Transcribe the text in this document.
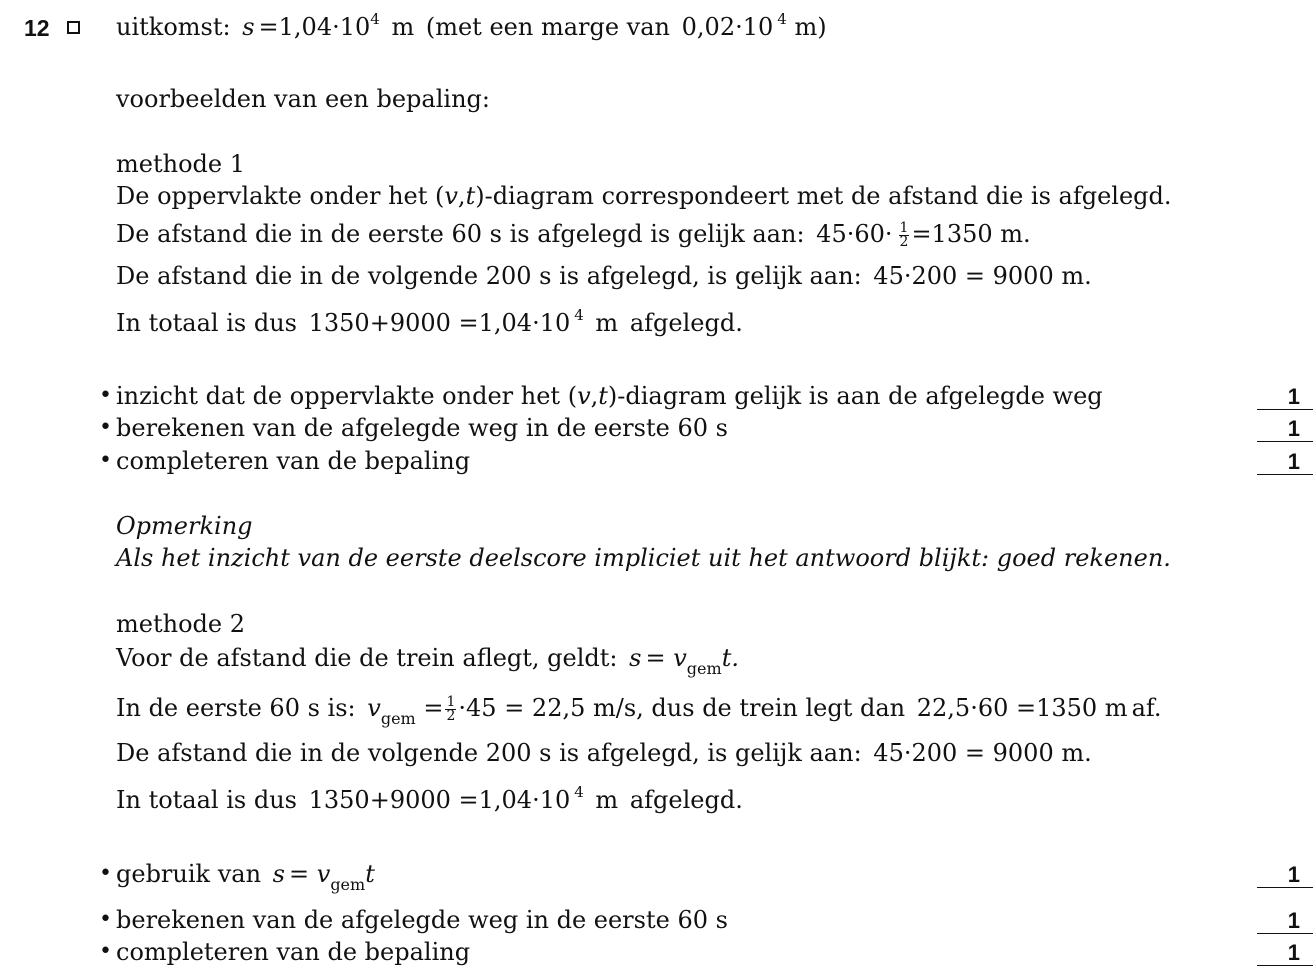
12	uitkomst: $s =1,04\cdot 10^4$ m (met een marge van 0,02·10 $^4$ m)
voorbeelden van een bepaling:
methode 1
De oppervlakte onder het (v,t)-diagram correspondeert met de afstand die is afgelegd.
De afstand die in de eerste 60 s is afgelegd is gelijk aan: $45\cdot 60\cdot \frac{1}{2} =1350$ m.
De afstand die in de volgende 200 s is afgelegd, is gelijk aan: 45·200 = 9000 m.
In totaal is dus 1350+9000 =1,04·10 $^4$ m afgelegd.
• inzicht dat de oppervlakte onder het (v,t)-diagram gelijk is aan de afgelegde weg	1
• berekenen van de afgelegde weg in de eerste 60 s	1
• completeren van de bepaling	1
Opmerking
Als het inzicht van de eerste deelscore impliciet uit het antwoord blijkt: goed rekenen.
methode 2
Voor de afstand die de trein aflegt, geldt: $s = v_{gem}t$.
In de eerste 60 s is: $v_{gem} = \frac{1}{2} \cdot 45 = 22,5$ m/s, dus de trein legt dan 22,5·60 =1350 m af.
De afstand die in de volgende 200 s is afgelegd, is gelijk aan: 45·200 = 9000 m.
In totaal is dus 1350+9000 =1,04·10 $^4$ m afgelegd.
• gebruik van $s = v_{gem}t$	1
• berekenen van de afgelegde weg in de eerste 60 s	1
• completeren van de bepaling	1
